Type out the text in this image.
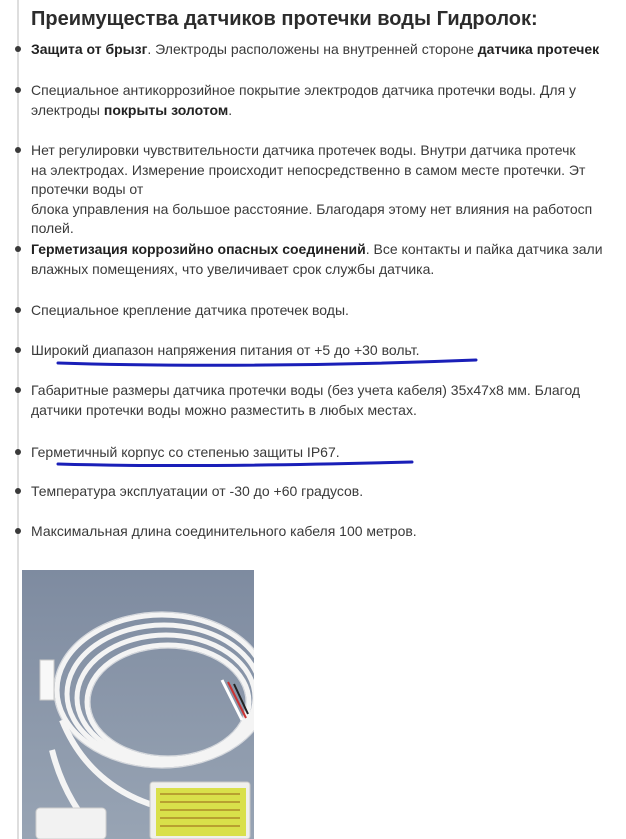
Преимущества датчиков протечки воды Гидролок:
Защита от брызг. Электроды расположены на внутренней стороне датчика протечек
Специальное антикоррозийное покрытие электродов датчика протечки воды. Для у
электроды покрыты золотом.
Нет регулировки чувствительности датчика протечек воды. Внутри датчика протечк
на электродах. Измерение происходит непосредственно в самом месте протечки. Эт
протечки воды от
блока управления на большое расстояние. Благодаря этому нет влияния на работосп
полей.
Герметизация коррозийно опасных соединений. Все контакты и пайка датчика зали
влажных помещениях, что увеличивает срок службы датчика.
Специальное крепление датчика протечек воды.
Широкий диапазон напряжения питания от +5 до +30 вольт.
Габаритные размеры датчика протечки воды (без учета кабеля) 35x47x8 мм. Благод
датчики протечки воды можно разместить в любых местах.
Герметичный корпус со степенью защиты IP67.
Температура эксплуатации от -30 до +60 градусов.
Максимальная длина соединительного кабеля 100 метров.
